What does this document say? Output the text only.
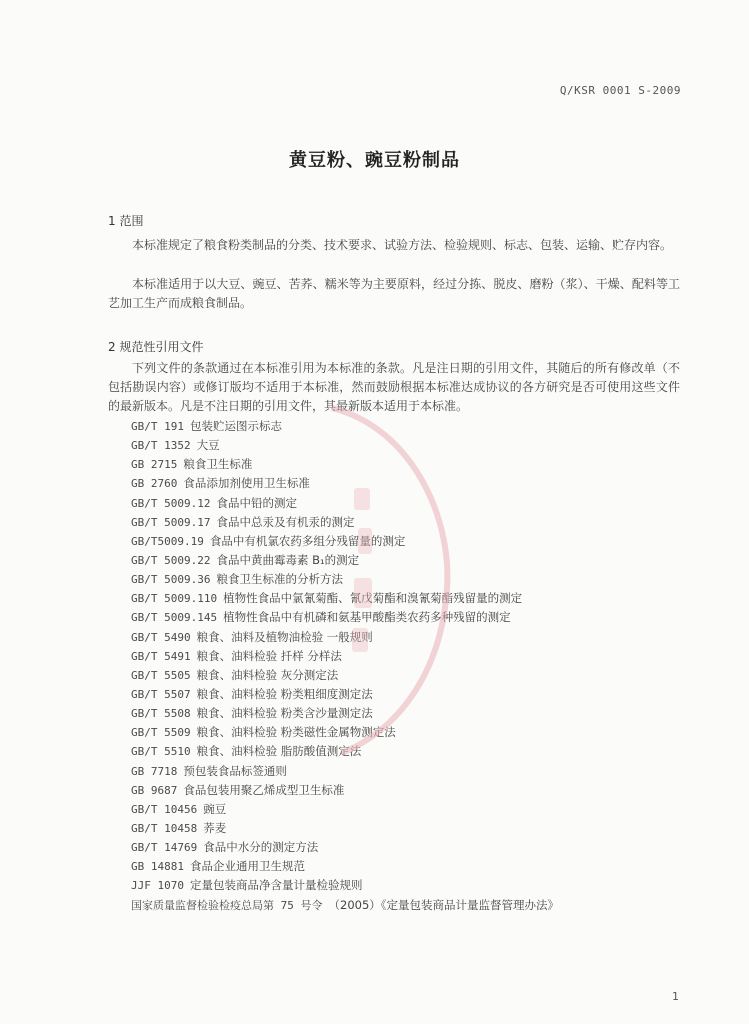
Q/KSR 0001 S-2009
黄豆粉、豌豆粉制品
1 范围
本标准规定了粮食粉类制品的分类、技术要求、试验方法、检验规则、标志、包装、运输、贮存内容。
本标准适用于以大豆、豌豆、苦荞、糯米等为主要原料，经过分拣、脱皮、磨粉（浆）、干燥、配料等工艺加工生产而成粮食制品。
2 规范性引用文件
下列文件的条款通过在本标准引用为本标准的条款。凡是注日期的引用文件，其随后的所有修改单（不包括勘误内容）或修订版均不适用于本标准，然而鼓励根据本标准达成协议的各方研究是否可使用这些文件的最新版本。凡是不注日期的引用文件，其最新版本适用于本标准。
GB/T 191 包装贮运图示标志
GB/T 1352 大豆
GB 2715 粮食卫生标准
GB 2760 食品添加剂使用卫生标准
GB/T 5009.12 食品中铅的测定
GB/T 5009.17 食品中总汞及有机汞的测定
GB/T5009.19 食品中有机氯农药多组分残留量的测定
GB/T 5009.22 食品中黄曲霉毒素 B₁的测定
GB/T 5009.36 粮食卫生标准的分析方法
GB/T 5009.110 植物性食品中氯氰菊酯、氰戊菊酯和溴氰菊酯残留量的测定
GB/T 5009.145 植物性食品中有机磷和氨基甲酸酯类农药多种残留的测定
GB/T 5490 粮食、油料及植物油检验 一般规则
GB/T 5491 粮食、油料检验 扦样 分样法
GB/T 5505 粮食、油料检验 灰分测定法
GB/T 5507 粮食、油料检验 粉类粗细度测定法
GB/T 5508 粮食、油料检验 粉类含沙量测定法
GB/T 5509 粮食、油料检验 粉类磁性金属物测定法
GB/T 5510 粮食、油料检验 脂肪酸值测定法
GB 7718 预包装食品标签通则
GB 9687 食品包装用聚乙烯成型卫生标准
GB/T 10456 豌豆
GB/T 10458 荞麦
GB/T 14769 食品中水分的测定方法
GB 14881 食品企业通用卫生规范
JJF 1070 定量包装商品净含量计量检验规则
国家质量监督检验检疫总局第 75 号令 （2005）《定量包装商品计量监督管理办法》
1
